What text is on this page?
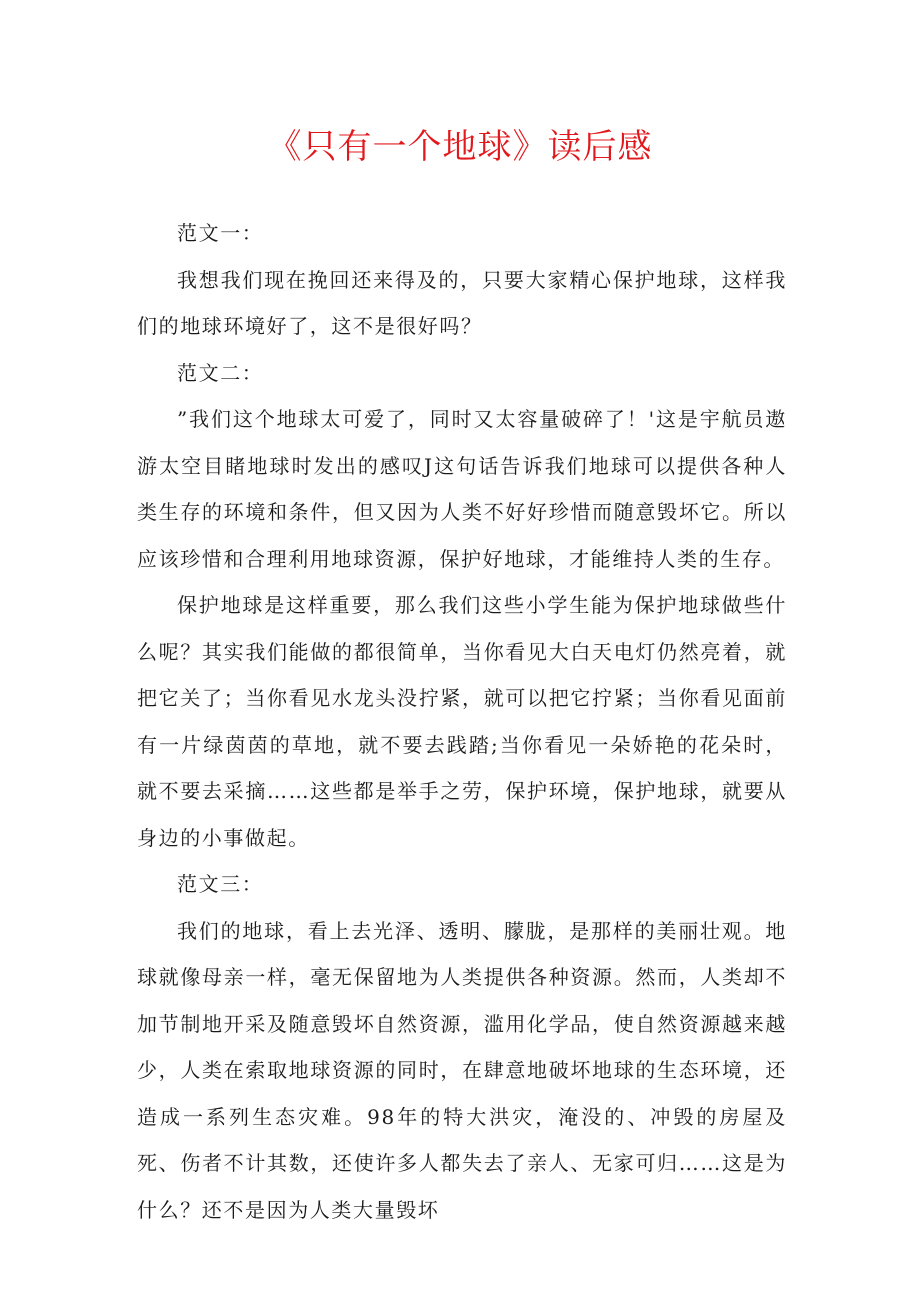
《只有一个地球》读后感

范文一：

我想我们现在挽回还来得及的，只要大家精心保护地球，这样我们的地球环境好了，这不是很好吗？

范文二：

”我们这个地球太可爱了，同时又太容量破碎了！'这是宇航员遨游太空目睹地球时发出的感叹J这句话告诉我们地球可以提供各种人类生存的环境和条件，但又因为人类不好好珍惜而随意毁坏它。所以应该珍惜和合理利用地球资源，保护好地球，才能维持人类的生存。

保护地球是这样重要，那么我们这些小学生能为保护地球做些什么呢？其实我们能做的都很简单，当你看见大白天电灯仍然亮着，就把它关了；当你看见水龙头没拧紧，就可以把它拧紧；当你看见面前有一片绿茵茵的草地，就不要去践踏;当你看见一朵娇艳的花朵时，就不要去采摘……这些都是举手之劳，保护环境，保护地球，就要从身边的小事做起。

范文三：

我们的地球，看上去光泽、透明、朦胧，是那样的美丽壮观。地球就像母亲一样，毫无保留地为人类提供各种资源。然而，人类却不加节制地开采及随意毁坏自然资源，滥用化学品，使自然资源越来越少，人类在索取地球资源的同时，在肆意地破坏地球的生态环境，还造成一系列生态灾难。98年的特大洪灾，淹没的、冲毁的房屋及死、伤者不计其数，还使许多人都失去了亲人、无家可归……这是为什么？还不是因为人类大量毁坏
